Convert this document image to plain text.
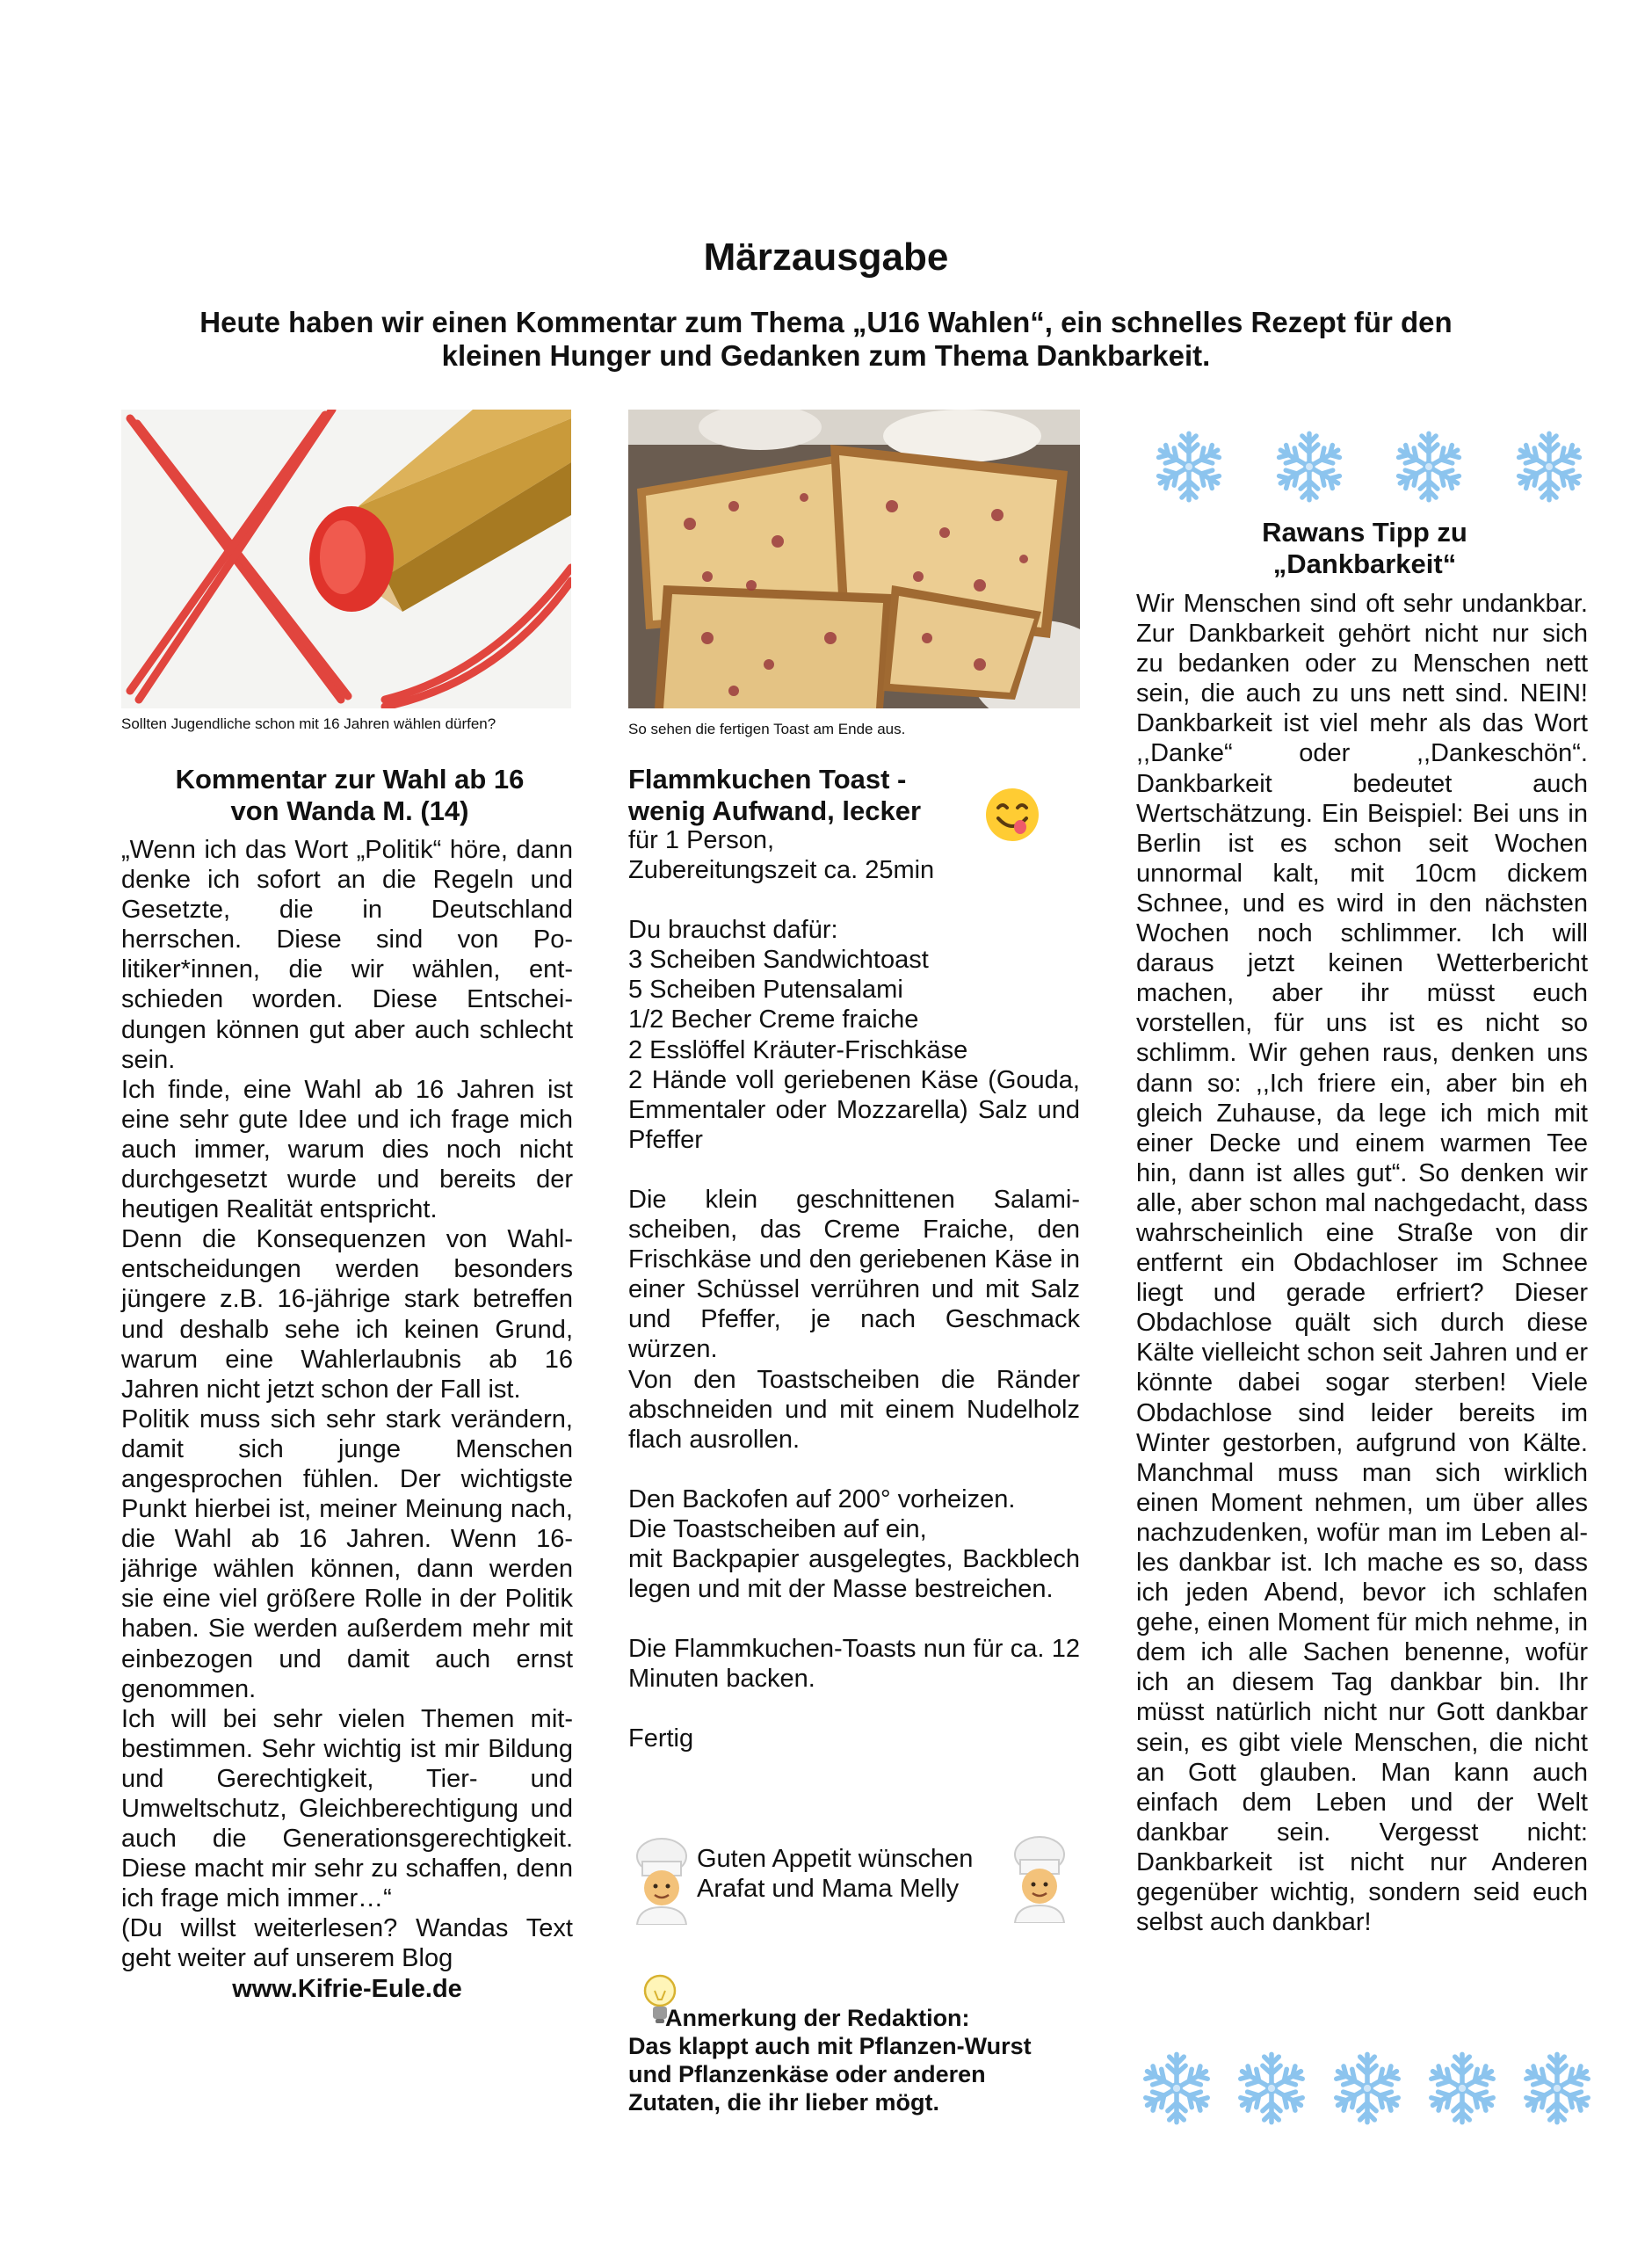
Märzausgabe
Heute haben wir einen Kommentar zum Thema „U16 Wahlen“, ein schnelles Rezept für den
kleinen Hunger und Gedanken zum Thema Dankbarkeit.

Sollten Jugendliche schon mit 16 Jahren wählen dürfen?

Kommentar zur Wahl ab 16
von Wanda M. (14)

„Wenn ich das Wort „Politik“ höre, dann denke ich sofort an die Regeln und Gesetzte, die in Deutschland herrschen. Diese sind von Politiker*innen, die wir wählen, entschieden worden. Diese Entscheidungen können gut aber auch schlecht sein.

Ich finde, eine Wahl ab 16 Jahren ist eine sehr gute Idee und ich frage mich auch immer, warum dies noch nicht durchgesetzt wurde und bereits der heutigen Realität entspricht.

Denn die Konsequenzen von Wahlentscheidungen werden besonders jüngere z.B. 16-jährige stark betreffen und deshalb sehe ich keinen Grund, warum eine Wahlerlaubnis ab 16 Jahren nicht jetzt schon der Fall ist.

Politik muss sich sehr stark verändern, damit sich junge Menschen angesprochen fühlen. Der wichtigste Punkt hierbei ist, meiner Meinung nach, die Wahl ab 16 Jahren. Wenn 16-jährige wählen können, dann werden sie eine viel größere Rolle in der Politik haben. Sie werden außerdem mehr mit einbezogen und damit auch ernst genommen.

Ich will bei sehr vielen Themen mitbestimmen. Sehr wichtig ist mir Bildung und Gerechtigkeit, Tier- und Umweltschutz, Gleichberechtigung und auch die Generationsgerechtigkeit. Diese macht mir sehr zu schaffen, denn ich frage mich immer…“

(Du willst weiterlesen? Wandas Text geht weiter auf unserem Blog

www.Kifrie-Eule.de

So sehen die fertigen Toast am Ende aus.

Flammkuchen Toast -
wenig Aufwand, lecker

für 1 Person,

Zubereitungszeit ca. 25min

Du brauchst dafür:

3 Scheiben Sandwichtoast

5 Scheiben Putensalami

1/2 Becher Creme fraiche

2 Esslöffel Kräuter-Frischkäse

2 Hände voll geriebenen Käse (Gouda, Emmentaler oder Mozzarella) Salz und Pfeffer

Die klein geschnittenen Salamischeiben, das Creme Fraiche, den Frischkäse und den geriebenen Käse in einer Schüssel verrühren und mit Salz und Pfeffer, je nach Geschmack würzen.

Von den Toastscheiben die Ränder abschneiden und mit einem Nudelholz flach ausrollen.

Den Backofen auf 200° vorheizen.

Die Toastscheiben auf ein,

mit Backpapier ausgelegtes, Backblech legen und mit der Masse bestreichen.

Die Flammkuchen-Toasts nun für ca. 12 Minuten backen.

Fertig

Guten Appetit wünschen
Arafat und Mama Melly
Anmerkung der Redaktion:
Das klappt auch mit Pflanzen-Wurst
und Pflanzenkäse oder anderen
Zutaten, die ihr lieber mögt.
Rawans Tipp zu
„Dankbarkeit“

Wir Menschen sind oft sehr undankbar. Zur Dankbarkeit gehört nicht nur sich zu bedanken oder zu Menschen nett sein, die auch zu uns nett sind. NEIN! Dankbarkeit ist viel mehr als das Wort ,,Danke“ oder ,,Dankeschön“. Dankbarkeit bedeutet auch Wertschätzung. Ein Beispiel: Bei uns in Berlin ist es schon seit Wochen unnormal kalt, mit 10cm dickem Schnee, und es wird in den nächsten Wochen noch schlimmer. Ich will daraus jetzt keinen Wetterbericht machen, aber ihr müsst euch vorstellen, für uns ist es nicht so schlimm. Wir gehen raus, denken uns dann so: ,,Ich friere ein, aber bin eh gleich Zuhause, da lege ich mich mit einer Decke und einem warmen Tee hin, dann ist alles gut“. So denken wir alle, aber schon mal nachgedacht, dass wahrscheinlich eine Straße von dir entfernt ein Obdachloser im Schnee liegt und gerade erfriert? Dieser Obdachlose quält sich durch diese Kälte vielleicht schon seit Jahren und er könnte dabei sogar sterben! Viele Obdachlose sind leider bereits im Winter gestorben, aufgrund von Kälte. Manchmal muss man sich wirklich einen Moment nehmen, um über alles nachzudenken, wofür man im Leben alles dankbar ist. Ich mache es so, dass ich jeden Abend, bevor ich schlafen gehe, einen Moment für mich nehme, in dem ich alle Sachen benenne, wofür ich an diesem Tag dankbar bin. Ihr müsst natürlich nicht nur Gott dankbar sein, es gibt viele Menschen, die nicht an Gott glauben. Man kann auch einfach dem Leben und der Welt dankbar sein. Vergesst nicht: Dankbarkeit ist nicht nur Anderen gegenüber wichtig, sondern seid euch selbst auch dankbar!
